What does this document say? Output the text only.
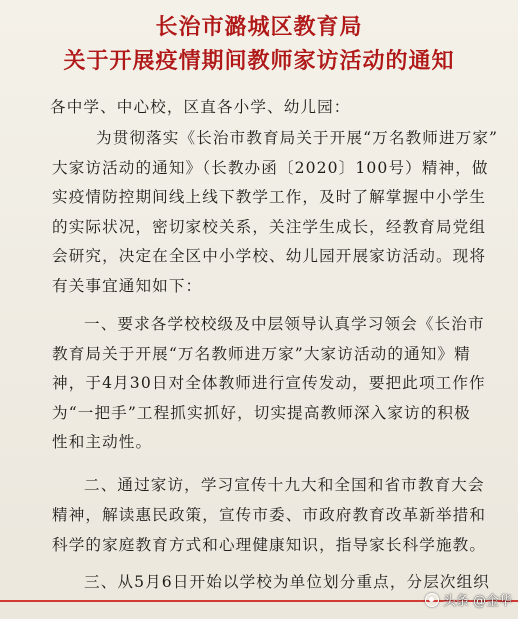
长治市潞城区教育局
关于开展疫情期间教师家访活动的通知
各中学、中心校，区直各小学、幼儿园：
为贯彻落实《长治市教育局关于开展“万名教师进万家”
大家访活动的通知》（长教办函〔2020〕100号）精神，做
实疫情防控期间线上线下教学工作，及时了解掌握中小学生
的实际状况，密切家校关系，关注学生成长，经教育局党组
会研究，决定在全区中小学校、幼儿园开展家访活动。现将
有关事宜通知如下：
一、要求各学校校级及中层领导认真学习领会《长治市
教育局关于开展“万名教师进万家”大家访活动的通知》精
神，于4月30日对全体教师进行宣传发动，要把此项工作作
为“一把手”工程抓实抓好，切实提高教师深入家访的积极
性和主动性。
二、通过家访，学习宣传十九大和全国和省市教育大会
精神，解读惠民政策，宣传市委、市政府教育改革新举措和
科学的家庭教育方式和心理健康知识，指导家长科学施教。
三、从5月6日开始以学校为单位划分重点，分层次组织
头条 @金华
